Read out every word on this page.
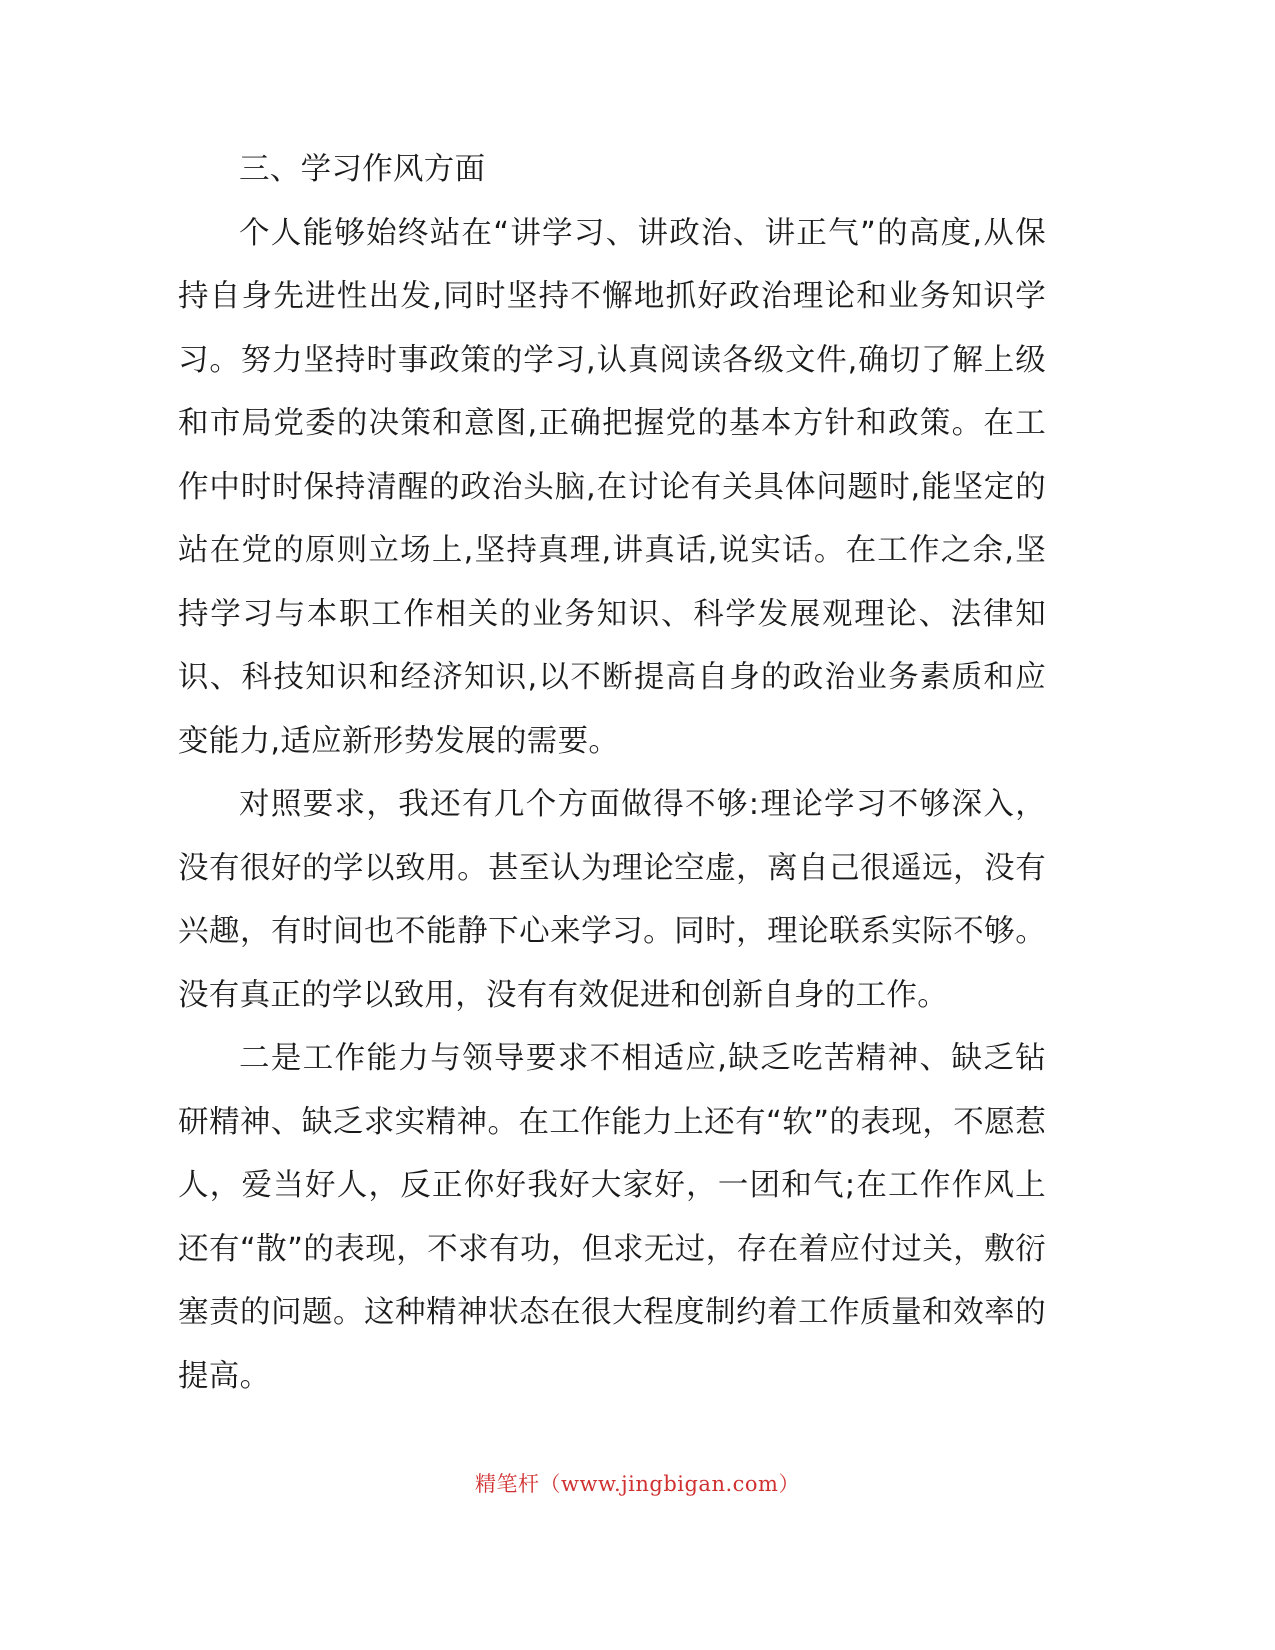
三、学习作风方面

个人能够始终站在“讲学习、讲政治、讲正气”的高度,从保持自身先进性出发,同时坚持不懈地抓好政治理论和业务知识学习。努力坚持时事政策的学习,认真阅读各级文件,确切了解上级和市局党委的决策和意图,正确把握党的基本方针和政策。在工作中时时保持清醒的政治头脑,在讨论有关具体问题时,能坚定的站在党的原则立场上,坚持真理,讲真话,说实话。在工作之余,坚持学习与本职工作相关的业务知识、科学发展观理论、法律知识、科技知识和经济知识,以不断提高自身的政治业务素质和应变能力,适应新形势发展的需要。

对照要求，我还有几个方面做得不够:理论学习不够深入，没有很好的学以致用。甚至认为理论空虚，离自己很遥远，没有兴趣，有时间也不能静下心来学习。同时，理论联系实际不够。没有真正的学以致用，没有有效促进和创新自身的工作。

二是工作能力与领导要求不相适应,缺乏吃苦精神、缺乏钻研精神、缺乏求实精神。在工作能力上还有“软”的表现，不愿惹人，爱当好人，反正你好我好大家好，一团和气;在工作作风上还有“散”的表现，不求有功，但求无过，存在着应付过关，敷衍塞责的问题。这种精神状态在很大程度制约着工作质量和效率的提高。

精笔杆（www.jingbigan.com）
